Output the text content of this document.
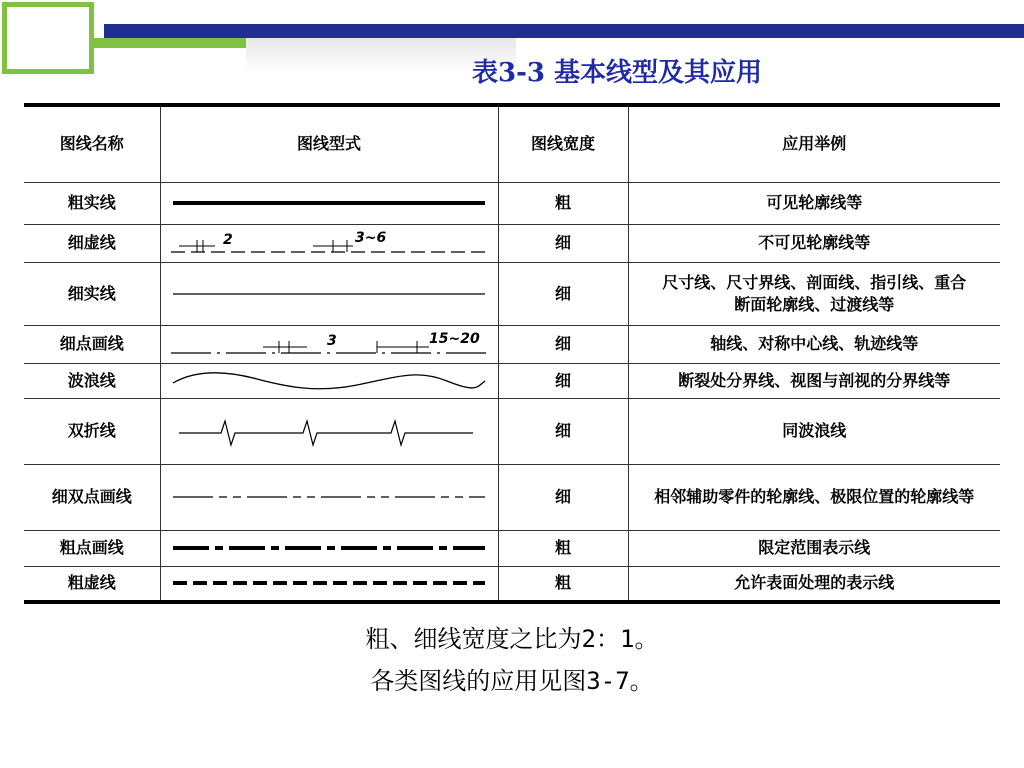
表3-3 基本线型及其应用
图线名称	图线型式	图线宽度	应用举例
粗实线		粗	可见轮廓线等
细虚线	2 3~6	细	不可见轮廓线等
细实线		细	尺寸线、尺寸界线、剖面线、指引线、重合
断面轮廓线、过渡线等

细点画线	3 15~20	细	轴线、对称中心线、轨迹线等
波浪线		细	断裂处分界线、视图与剖视的分界线等
双折线		细	同波浪线
细双点画线		细	相邻辅助零件的轮廓线、极限位置的轮廓线等
粗点画线		粗	限定范围表示线
粗虚线		粗	允许表面处理的表示线
粗、细线宽度之比为2：1。
各类图线的应用见图3-7。
